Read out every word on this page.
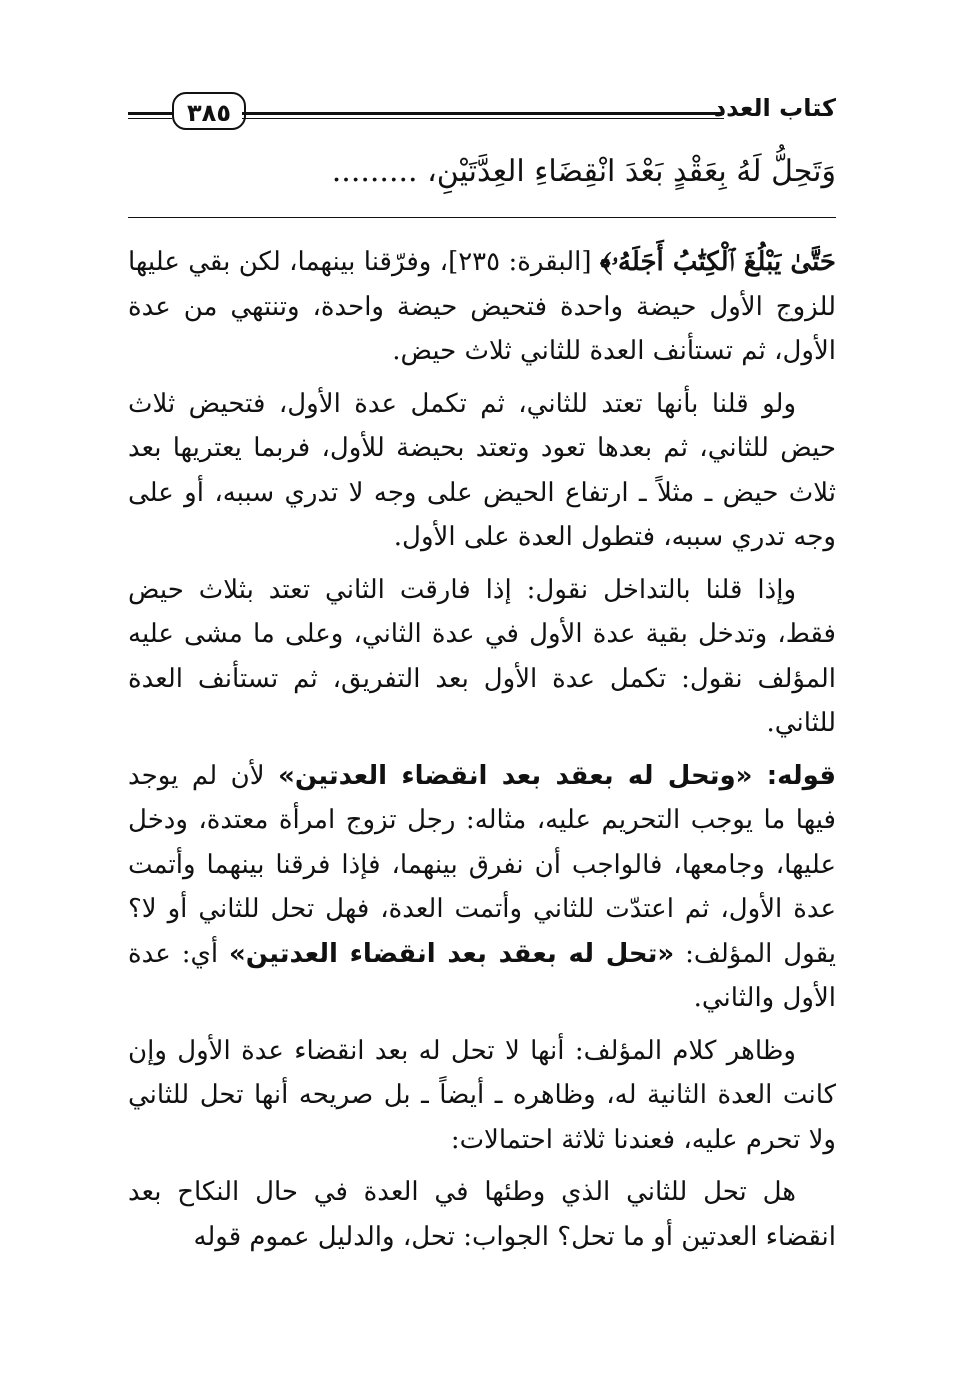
كتاب العدد
٣٨٥
وَتَحِلُّ لَهُ بِعَقْدٍ بَعْدَ انْقِضَاءِ العِدَّتَيْنِ، .........

حَتَّىٰ يَبْلُغَ ٱلْكِتَٰبُ أَجَلَهُۥ﴾ [البقرة: ٢٣٥]، وفرّقنا بينهما، لكن بقي عليها للزوج الأول حيضة واحدة فتحيض حيضة واحدة، وتنتهي من عدة الأول، ثم تستأنف العدة للثاني ثلاث حيض.

ولو قلنا بأنها تعتد للثاني، ثم تكمل عدة الأول، فتحيض ثلاث حيض للثاني، ثم بعدها تعود وتعتد بحيضة للأول، فربما يعتريها بعد ثلاث حيض ـ مثلاً ـ ارتفاع الحيض على وجه لا تدري سببه، أو على وجه تدري سببه، فتطول العدة على الأول.

وإذا قلنا بالتداخل نقول: إذا فارقت الثاني تعتد بثلاث حيض فقط، وتدخل بقية عدة الأول في عدة الثاني، وعلى ما مشى عليه المؤلف نقول: تكمل عدة الأول بعد التفريق، ثم تستأنف العدة للثاني.

قوله: «وتحل له بعقد بعد انقضاء العدتين» لأن لم يوجد فيها ما يوجب التحريم عليه، مثاله: رجل تزوج امرأة معتدة، ودخل عليها، وجامعها، فالواجب أن نفرق بينهما، فإذا فرقنا بينهما وأتمت عدة الأول، ثم اعتدّت للثاني وأتمت العدة، فهل تحل للثاني أو لا؟ يقول المؤلف: «تحل له بعقد بعد انقضاء العدتين» أي: عدة الأول والثاني.

وظاهر كلام المؤلف: أنها لا تحل له بعد انقضاء عدة الأول وإن كانت العدة الثانية له، وظاهره ـ أيضاً ـ بل صريحه أنها تحل للثاني ولا تحرم عليه، فعندنا ثلاثة احتمالات:

هل تحل للثاني الذي وطئها في العدة في حال النكاح بعد انقضاء العدتين أو ما تحل؟ الجواب: تحل، والدليل عموم قوله
